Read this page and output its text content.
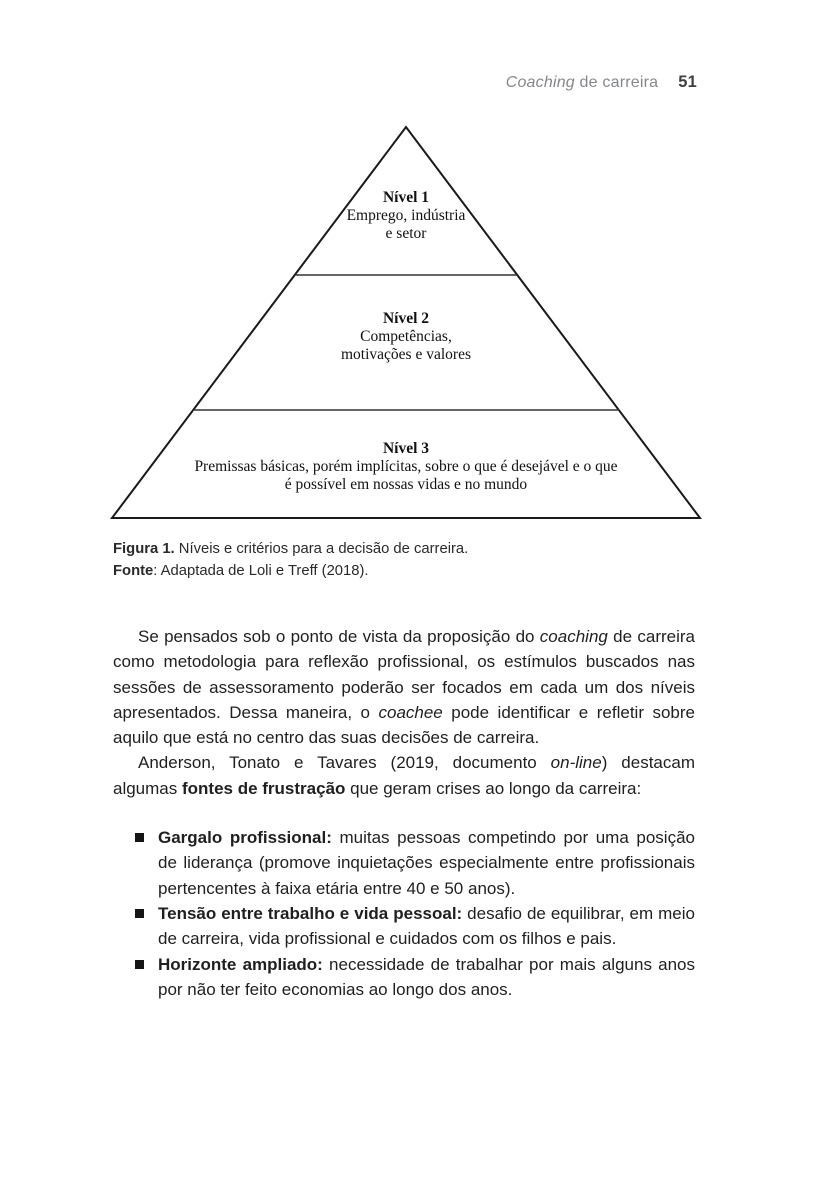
Coaching de carreira 51
Nível 1
Emprego, indústria
e setor
Nível 2
Competências,
motivações e valores
Nível 3
Premissas básicas, porém implícitas, sobre o que é desejável e o que
é possível em nossas vidas e no mundo
Figura 1. Níveis e critérios para a decisão de carreira.
Fonte: Adaptada de Loli e Treff (2018).

Se pensados sob o ponto de vista da proposição do coaching de carreira como metodologia para reflexão profissional, os estímulos buscados nas sessões de assessoramento poderão ser focados em cada um dos níveis apresentados. Dessa maneira, o coachee pode identificar e refletir sobre aquilo que está no centro das suas decisões de carreira.

Anderson, Tonato e Tavares (2019, documento on-line) destacam algumas fontes de frustração que geram crises ao longo da carreira:

Gargalo profissional: muitas pessoas competindo por uma posição de liderança (promove inquietações especialmente entre profissionais pertencentes à faixa etária entre 40 e 50 anos).
Tensão entre trabalho e vida pessoal: desafio de equilibrar, em meio de carreira, vida profissional e cuidados com os filhos e pais.
Horizonte ampliado: necessidade de trabalhar por mais alguns anos por não ter feito economias ao longo dos anos.
